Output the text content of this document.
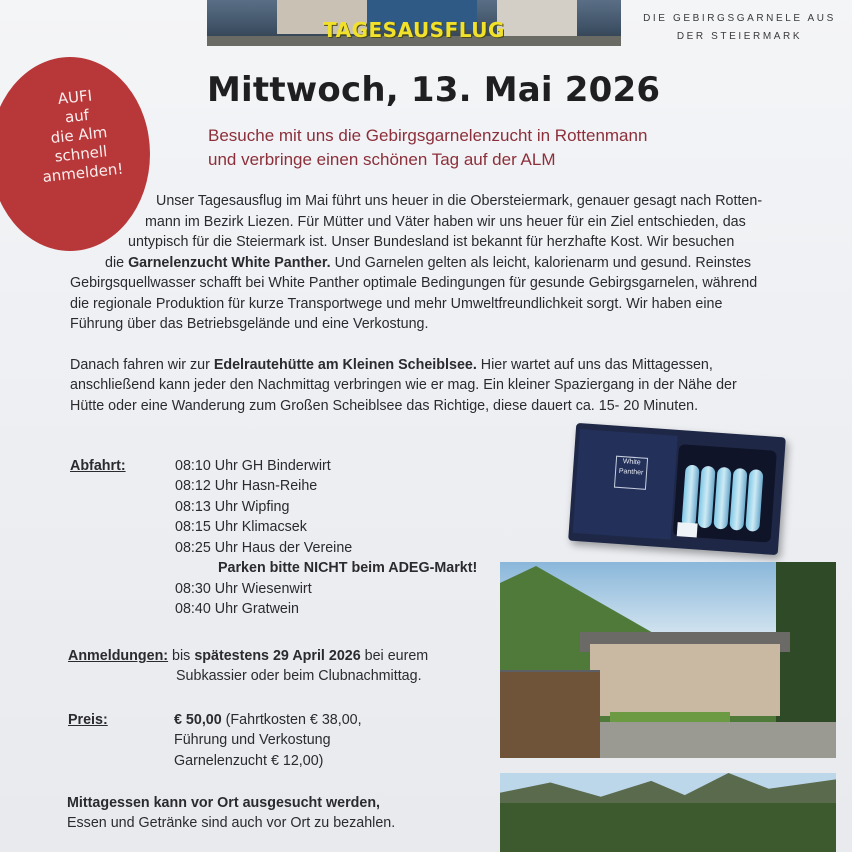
TAGESAUSFLUG	DIE GEBIRGSGARNELE AUS
DER STEIERMARK
AUFI
auf
die Alm
schnell
anmelden!
Mittwoch, 13. Mai 2026
Besuche mit uns die Gebirgsgarnelenzucht in Rottenmann
und verbringe einen schönen Tag auf der ALM
Unser Tagesausflug im Mai führt uns heuer in die Obersteiermark, genauer gesagt nach Rotten-
mann im Bezirk Liezen. Für Mütter und Väter haben wir uns heuer für ein Ziel entschieden, das
untypisch für die Steiermark ist. Unser Bundesland ist bekannt für herzhafte Kost. Wir besuchen
die Garnelenzucht White Panther. Und Garnelen gelten als leicht, kalorienarm und gesund. Reinstes
Gebirgsquellwasser schafft bei White Panther optimale Bedingungen für gesunde Gebirgsgarnelen, während
die regionale Produktion für kurze Transportwege und mehr Umweltfreundlichkeit sorgt. Wir haben eine
Führung über das Betriebsgelände und eine Verkostung.
Danach fahren wir zur Edelrautehütte am Kleinen Scheiblsee. Hier wartet auf uns das Mittagessen,
anschließend kann jeder den Nachmittag verbringen wie er mag. Ein kleiner Spaziergang in der Nähe der
Hütte oder eine Wanderung zum Großen Scheiblsee das Richtige, diese dauert ca. 15- 20 Minuten.
Abfahrt:	08:10 Uhr GH Binderwirt
08:12 Uhr Hasn-Reihe
08:13 Uhr Wipfing
08:15 Uhr Klimacsek
08:25 Uhr Haus der Vereine
Parken bitte NICHT beim ADEG-Markt!
08:30 Uhr Wiesenwirt
08:40 Uhr Gratwein
Anmeldungen: bis spätestens 29 April 2026 bei eurem
Subkassier oder beim Clubnachmittag.
Preis:	€ 50,00 (Fahrtkosten € 38,00,
Führung und Verkostung
Garnelenzucht € 12,00)
Mittagessen kann vor Ort ausgesucht werden,
Essen und Getränke sind auch vor Ort zu bezahlen.
White Panther
